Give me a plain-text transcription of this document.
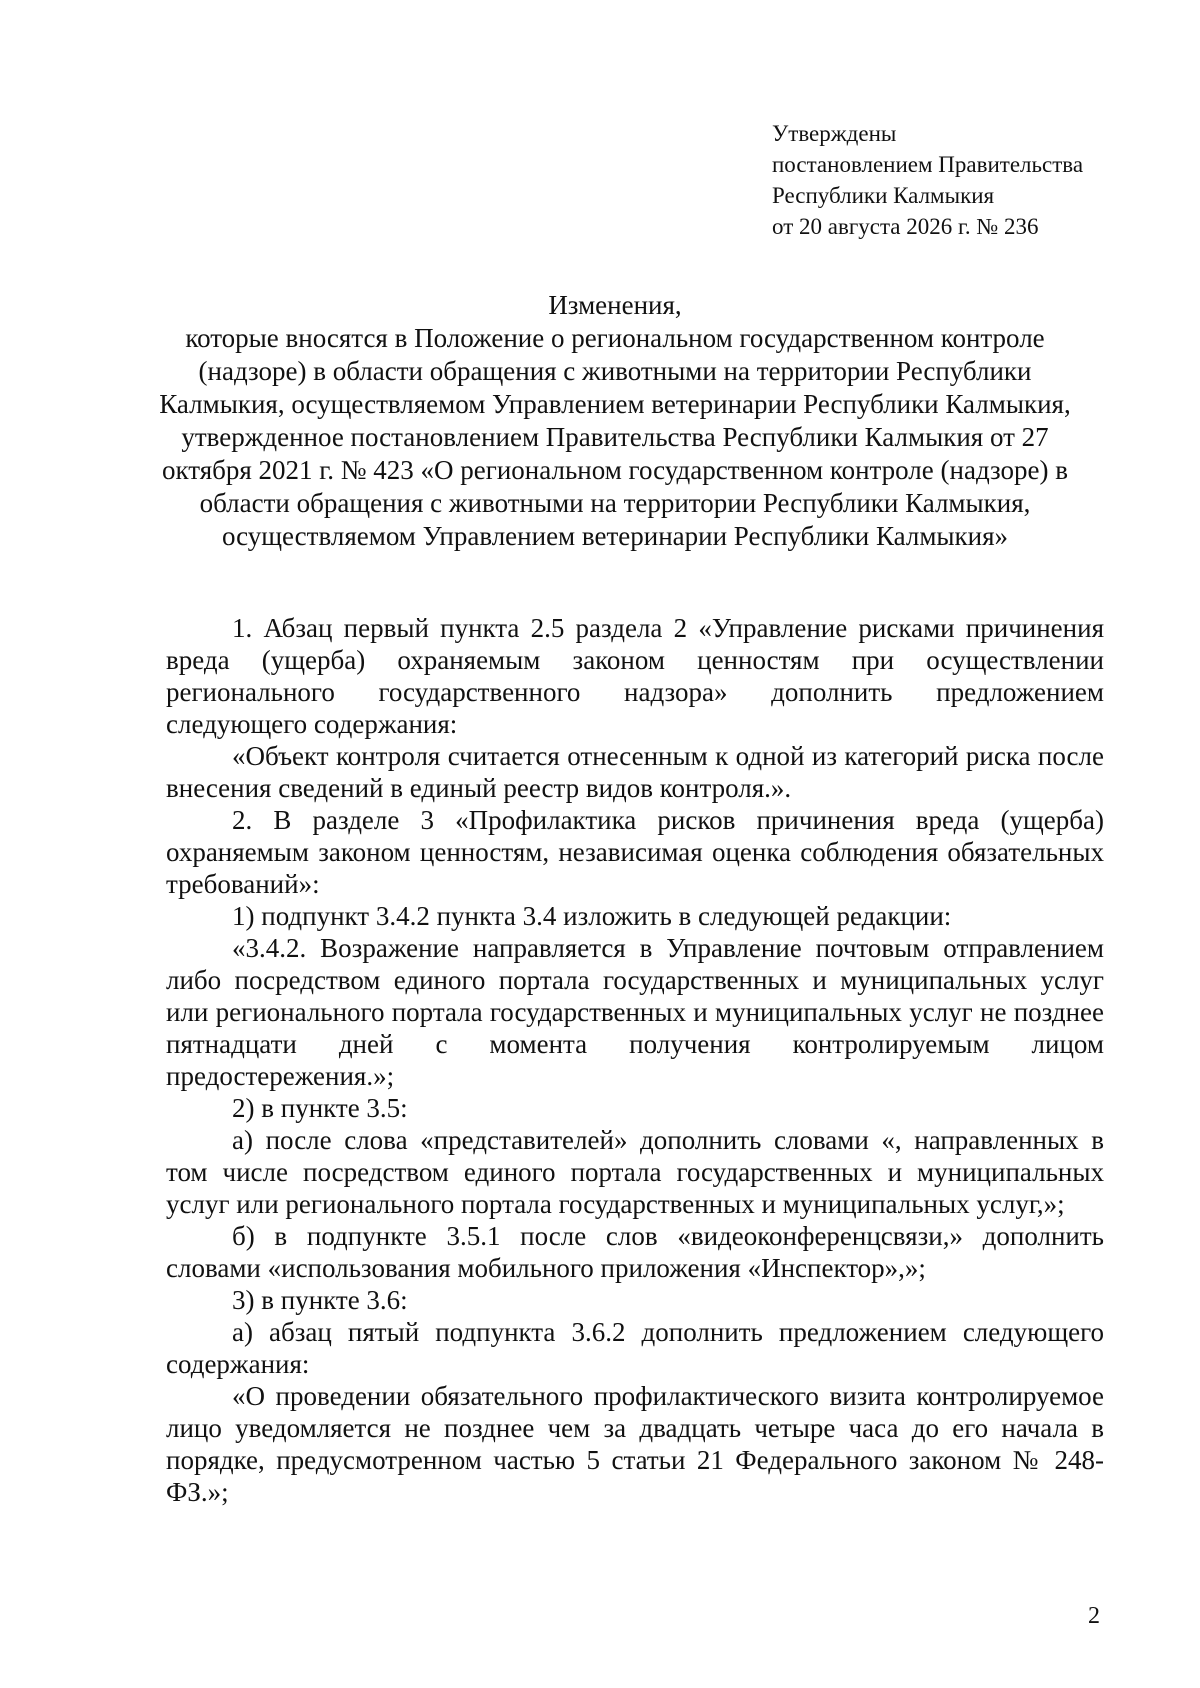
Утверждены
постановлением Правительства
Республики Калмыкия
от 20 августа 2026 г. № 236
Изменения,
которые вносятся в Положение о региональном государственном контроле (надзоре) в области обращения с животными на территории Республики Калмыкия, осуществляемом Управлением ветеринарии Республики Калмыкия, утвержденное постановлением Правительства Республики Калмыкия от 27 октября 2021 г. № 423 «О региональном государственном контроле (надзоре) в области обращения с животными на территории Республики Калмыкия, осуществляемом Управлением ветеринарии Республики Калмыкия»

1. Абзац первый пункта 2.5 раздела 2 «Управление рисками причинения вреда (ущерба) охраняемым законом ценностям при осуществлении регионального государственного надзора» дополнить предложением следующего содержания:

«Объект контроля считается отнесенным к одной из категорий риска после внесения сведений в единый реестр видов контроля.».

2. В разделе 3 «Профилактика рисков причинения вреда (ущерба) охраняемым законом ценностям, независимая оценка соблюдения обязательных требований»:

1) подпункт 3.4.2 пункта 3.4 изложить в следующей редакции:

«3.4.2. Возражение направляется в Управление почтовым отправлением либо посредством единого портала государственных и муниципальных услуг или регионального портала государственных и муниципальных услуг не позднее пятнадцати дней с момента получения контролируемым лицом предостережения.»;

2) в пункте 3.5:

а) после слова «представителей» дополнить словами «, направленных в том числе посредством единого портала государственных и муниципальных услуг или регионального портала государственных и муниципальных услуг,»;

б) в подпункте 3.5.1 после слов «видеоконференцсвязи,» дополнить словами «использования мобильного приложения «Инспектор»,»;

3) в пункте 3.6:

а) абзац пятый подпункта 3.6.2 дополнить предложением следующего содержания:

«О проведении обязательного профилактического визита контролируемое лицо уведомляется не позднее чем за двадцать четыре часа до его начала в порядке, предусмотренном частью 5 статьи 21 Федерального законом № 248-ФЗ.»;

2
